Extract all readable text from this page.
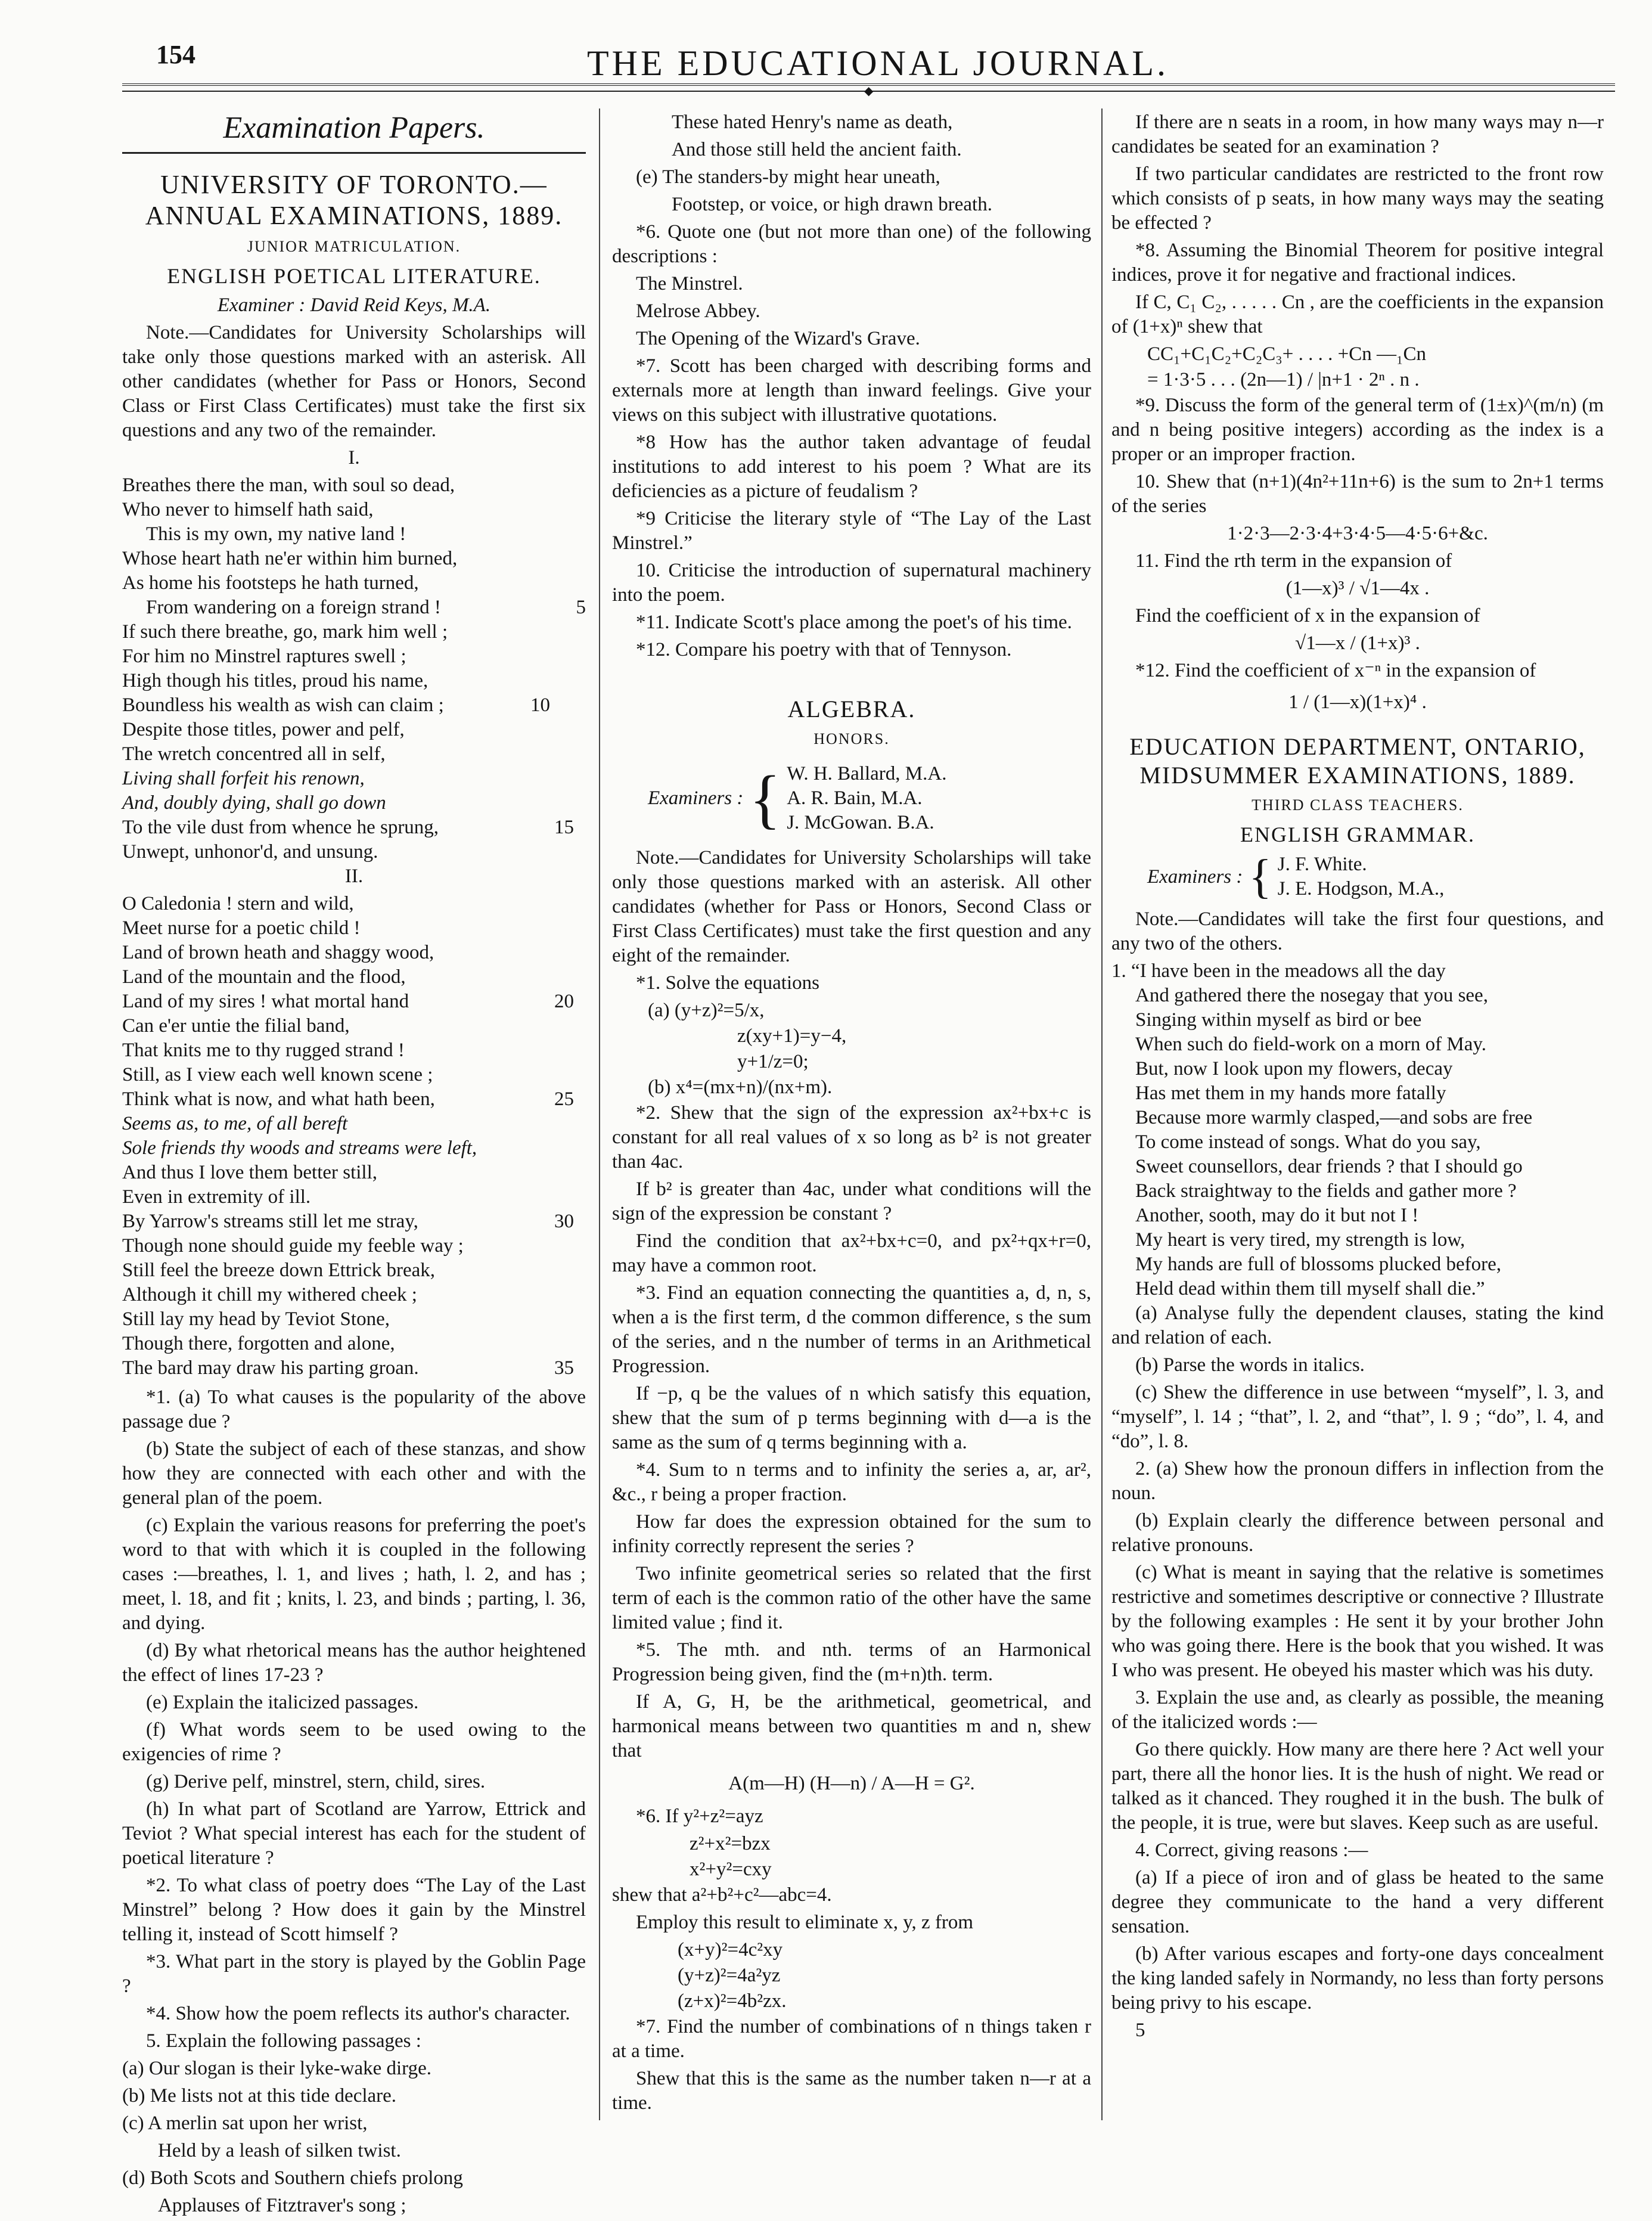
154	THE EDUCATIONAL JOURNAL.
◆
Examination Papers.

UNIVERSITY OF TORONTO.—ANNUAL EXAMINATIONS, 1889.

JUNIOR MATRICULATION.

ENGLISH POETICAL LITERATURE.

Examiner : David Reid Keys, M.A.

Note.—Candidates for University Scholarships will take only those questions marked with an asterisk. All other candidates (whether for Pass or Honors, Second Class or First Class Certificates) must take the first six questions and any two of the remainder.

I.

Breathes there the man, with soul so dead,

Who never to himself hath said,

This is my own, my native land !

Whose heart hath ne'er within him burned,

As home his footsteps he hath turned,

From wandering on a foreign strand !	5

If such there breathe, go, mark him well ;

For him no Minstrel raptures swell ;

High though his titles, proud his name,

Boundless his wealth as wish can claim ;	10

Despite those titles, power and pelf,

The wretch concentred all in self,

Living shall forfeit his renown,

And, doubly dying, shall go down

To the vile dust from whence he sprung,	15

Unwept, unhonor'd, and unsung.

II.

O Caledonia ! stern and wild,

Meet nurse for a poetic child !

Land of brown heath and shaggy wood,

Land of the mountain and the flood,

Land of my sires ! what mortal hand	20

Can e'er untie the filial band,

That knits me to thy rugged strand !

Still, as I view each well known scene ;

Think what is now, and what hath been,	25

Seems as, to me, of all bereft

Sole friends thy woods and streams were left,

And thus I love them better still,

Even in extremity of ill.

By Yarrow's streams still let me stray,	30

Though none should guide my feeble way ;

Still feel the breeze down Ettrick break,

Although it chill my withered cheek ;

Still lay my head by Teviot Stone,

Though there, forgotten and alone,

The bard may draw his parting groan.	35

*1. (a) To what causes is the popularity of the above passage due ?

(b) State the subject of each of these stanzas, and show how they are connected with each other and with the general plan of the poem.

(c) Explain the various reasons for preferring the poet's word to that with which it is coupled in the following cases :—breathes, l. 1, and lives ; hath, l. 2, and has ; meet, l. 18, and fit ; knits, l. 23, and binds ; parting, l. 36, and dying.

(d) By what rhetorical means has the author heightened the effect of lines 17-23 ?

(e) Explain the italicized passages.

(f) What words seem to be used owing to the exigencies of rime ?

(g) Derive pelf, minstrel, stern, child, sires.

(h) In what part of Scotland are Yarrow, Ettrick and Teviot ? What special interest has each for the student of poetical literature ?

*2. To what class of poetry does “The Lay of the Last Minstrel” belong ? How does it gain by the Minstrel telling it, instead of Scott himself ?

*3. What part in the story is played by the Goblin Page ?

*4. Show how the poem reflects its author's character.

5. Explain the following passages :

(a) Our slogan is their lyke-wake dirge.

(b) Me lists not at this tide declare.

(c) A merlin sat upon her wrist,

Held by a leash of silken twist.

(d) Both Scots and Southern chiefs prolong

Applauses of Fitztraver's song ;

These hated Henry's name as death,

And those still held the ancient faith.

(e) The standers-by might hear uneath,

Footstep, or voice, or high drawn breath.

*6. Quote one (but not more than one) of the following descriptions :

The Minstrel.

Melrose Abbey.

The Opening of the Wizard's Grave.

*7. Scott has been charged with describing forms and externals more at length than inward feelings. Give your views on this subject with illustrative quotations.

*8 How has the author taken advantage of feudal institutions to add interest to his poem ? What are its deficiencies as a picture of feudalism ?

*9 Criticise the literary style of “The Lay of the Last Minstrel.”

10. Criticise the introduction of supernatural machinery into the poem.

*11. Indicate Scott's place among the poet's of his time.

*12. Compare his poetry with that of Tennyson.

ALGEBRA.

HONORS.

Examiners : { W. H. Ballard, M.A.
A. R. Bain, M.A.
J. McGowan. B.A.

Note.—Candidates for University Scholarships will take only those questions marked with an asterisk. All other candidates (whether for Pass or Honors, Second Class or First Class Certificates) must take the first question and any eight of the remainder.

*1. Solve the equations

(a) (y+z)²=5/x,

z(xy+1)=y−4,

y+1/z=0;

(b) x⁴=(mx+n)/(nx+m).

*2. Shew that the sign of the expression ax²+bx+c is constant for all real values of x so long as b² is not greater than 4ac.

If b² is greater than 4ac, under what conditions will the sign of the expression be constant ?

Find the condition that ax²+bx+c=0, and px²+qx+r=0, may have a common root.

*3. Find an equation connecting the quantities a, d, n, s, when a is the first term, d the common difference, s the sum of the series, and n the number of terms in an Arithmetical Progression.

If −p, q be the values of n which satisfy this equation, shew that the sum of p terms beginning with d—a is the same as the sum of q terms beginning with a.

*4. Sum to n terms and to infinity the series a, ar, ar², &c., r being a proper fraction.

How far does the expression obtained for the sum to infinity correctly represent the series ?

Two infinite geometrical series so related that the first term of each is the common ratio of the other have the same limited value ; find it.

*5. The mth. and nth. terms of an Harmonical Progression being given, find the (m+n)th. term.

If A, G, H, be the arithmetical, geometrical, and harmonical means between two quantities m and n, shew that

A(m—H) (H—n) / A—H = G².

*6. If y²+z²=ayz

z²+x²=bzx

x²+y²=cxy

shew that a²+b²+c²—abc=4.

Employ this result to eliminate x, y, z from

(x+y)²=4c²xy

(y+z)²=4a²yz

(z+x)²=4b²zx.

*7. Find the number of combinations of n things taken r at a time.

Shew that this is the same as the number taken n—r at a time.

If there are n seats in a room, in how many ways may n—r candidates be seated for an examination ?

If two particular candidates are restricted to the front row which consists of p seats, in how many ways may the seating be effected ?

*8. Assuming the Binomial Theorem for positive integral indices, prove it for negative and fractional indices.

If C, C₁ C₂, . . . . . Cn , are the coefficients in the expansion of (1+x)ⁿ shew that

CC₁+C₁C₂+C₂C₃+ . . . . +Cn —₁Cn

= 1·3·5 . . . (2n—1) / |n+1 · 2ⁿ . n .

*9. Discuss the form of the general term of (1±x)^(m/n) (m and n being positive integers) according as the index is a proper or an improper fraction.

10. Shew that (n+1)(4n²+11n+6) is the sum to 2n+1 terms of the series

1·2·3—2·3·4+3·4·5—4·5·6+&c.

11. Find the rth term in the expansion of

(1—x)³ / √1—4x .

Find the coefficient of x in the expansion of

√1—x / (1+x)³ .

*12. Find the coefficient of x⁻ⁿ in the expansion of

1 / (1—x)(1+x)⁴ .

EDUCATION DEPARTMENT, ONTARIO, MIDSUMMER EXAMINATIONS, 1889.

THIRD CLASS TEACHERS.

ENGLISH GRAMMAR.

Examiners : { J. F. White.
J. E. Hodgson, M.A.,

Note.—Candidates will take the first four questions, and any two of the others.

1. “I have been in the meadows all the day

And gathered there the nosegay that you see,

Singing within myself as bird or bee

When such do field-work on a morn of May.

But, now I look upon my flowers, decay

Has met them in my hands more fatally

Because more warmly clasped,—and sobs are free

To come instead of songs. What do you say,

Sweet counsellors, dear friends ? that I should go

Back straightway to the fields and gather more ?

Another, sooth, may do it but not I !

My heart is very tired, my strength is low,

My hands are full of blossoms plucked before,

Held dead within them till myself shall die.”

(a) Analyse fully the dependent clauses, stating the kind and relation of each.

(b) Parse the words in italics.

(c) Shew the difference in use between “myself”, l. 3, and “myself”, l. 14 ; “that”, l. 2, and “that”, l. 9 ; “do”, l. 4, and “do”, l. 8.

2. (a) Shew how the pronoun differs in inflection from the noun.

(b) Explain clearly the difference between personal and relative pronouns.

(c) What is meant in saying that the relative is sometimes restrictive and sometimes descriptive or connective ? Illustrate by the following examples : He sent it by your brother John who was going there. Here is the book that you wished. It was I who was present. He obeyed his master which was his duty.

3. Explain the use and, as clearly as possible, the meaning of the italicized words :—

Go there quickly. How many are there here ? Act well your part, there all the honor lies. It is the hush of night. We read or talked as it chanced. They roughed it in the bush. The bulk of the people, it is true, were but slaves. Keep such as are useful.

4. Correct, giving reasons :—

(a) If a piece of iron and of glass be heated to the same degree they communicate to the hand a very different sensation.

(b) After various escapes and forty-one days concealment the king landed safely in Normandy, no less than forty persons being privy to his escape.

5
